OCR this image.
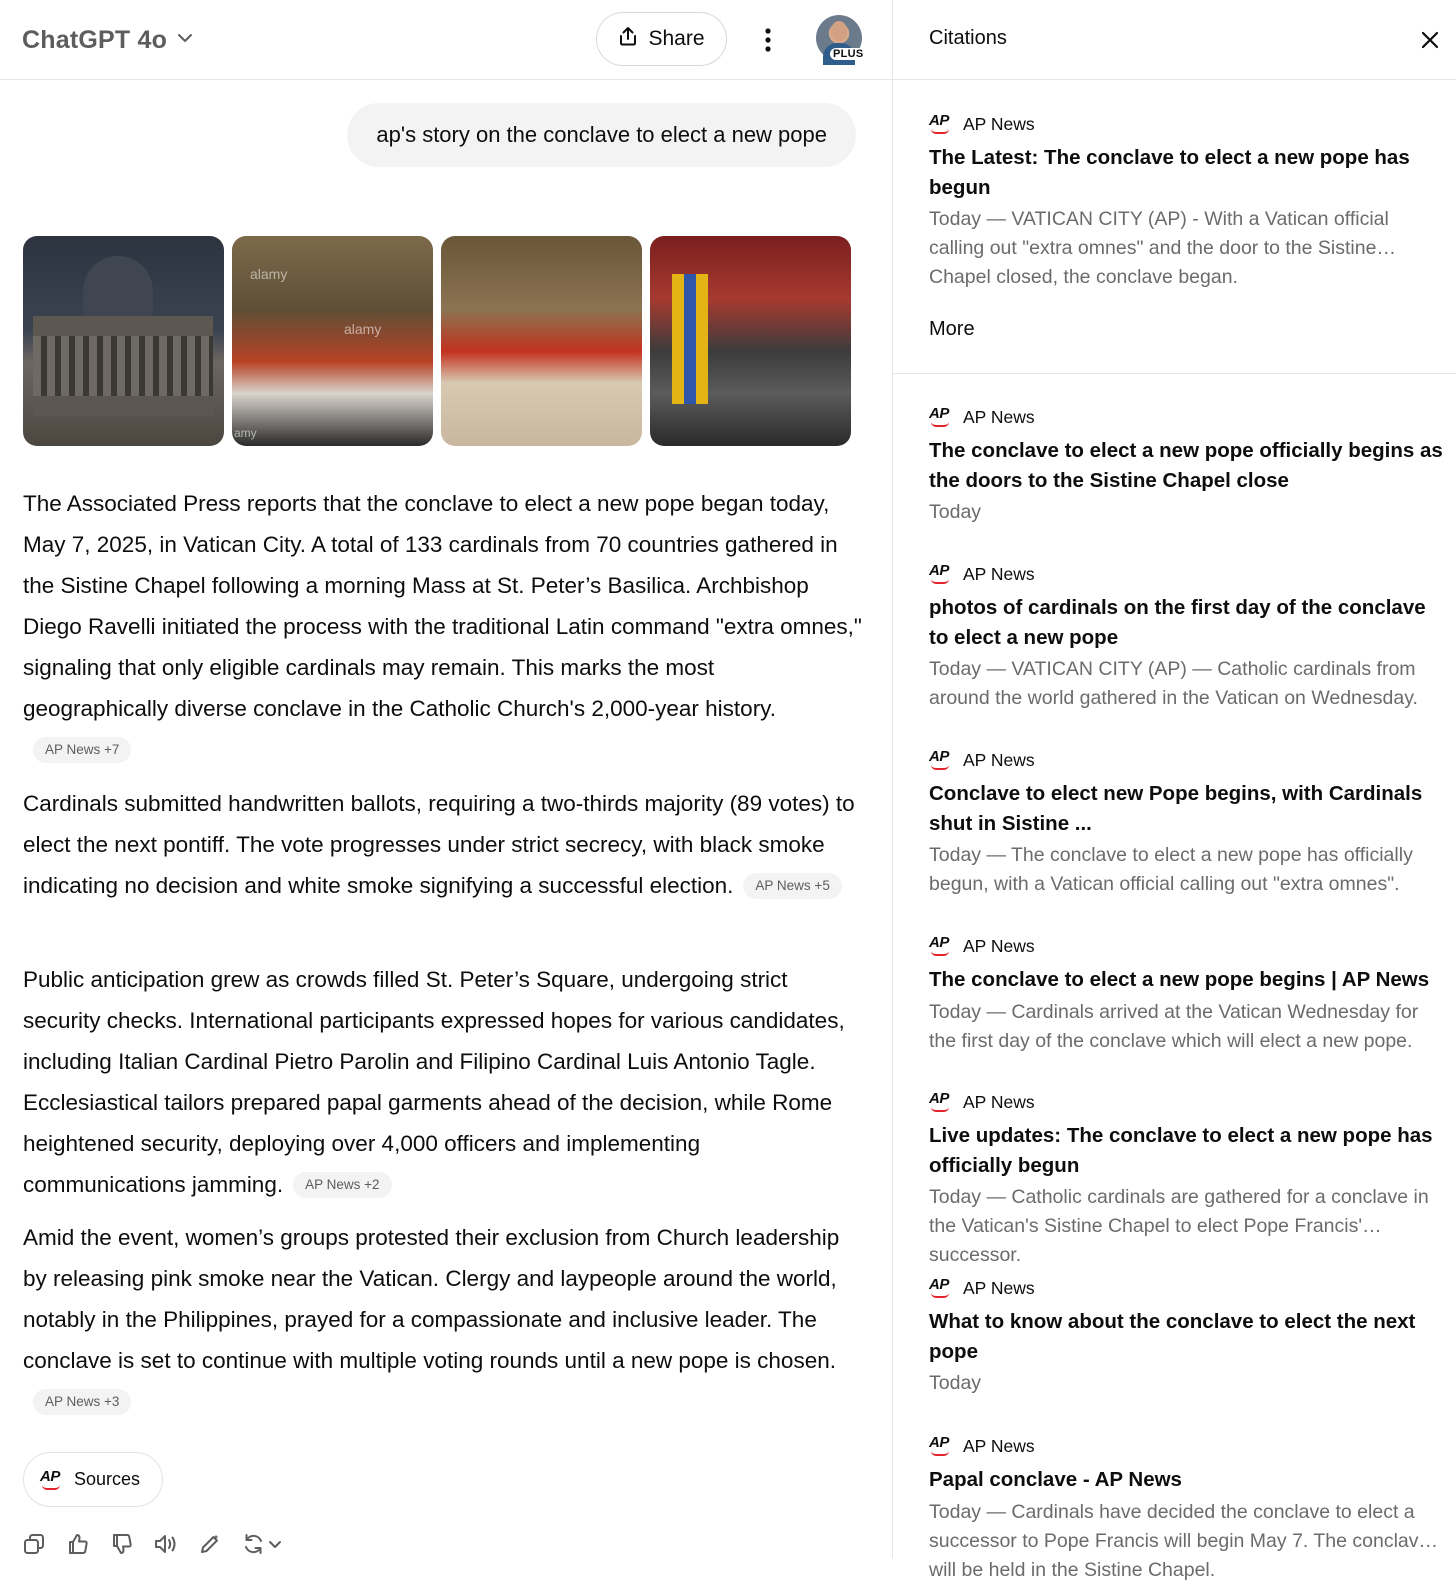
ChatGPT 4o	Share
PLUS
ap's story on the conclave to elect a new pope
alamy
alamy
amy
The Associated Press reports that the conclave to elect a new pope began today, May 7, 2025, in Vatican City. A total of 133 cardinals from 70 countries gathered in the Sistine Chapel following a morning Mass at St. Peter’s Basilica. Archbishop Diego Ravelli initiated the process with the traditional Latin command "extra omnes," signaling that only eligible cardinals may remain. This marks the most geographically diverse conclave in the Catholic Church's 2,000-year history.AP News +7
Cardinals submitted handwritten ballots, requiring a two-thirds majority (89 votes) to elect the next pontiff. The vote progresses under strict secrecy, with black smoke indicating no decision and white smoke signifying a successful election. AP News +5
Public anticipation grew as crowds filled St. Peter’s Square, undergoing strict security checks. International participants expressed hopes for various candidates, including Italian Cardinal Pietro Parolin and Filipino Cardinal Luis Antonio Tagle. Ecclesiastical tailors prepared papal garments ahead of the decision, while Rome heightened security, deploying over 4,000 officers and implementing communications jamming. AP News +2
Amid the event, women’s groups protested their exclusion from Church leadership by releasing pink smoke near the Vatican. Clergy and laypeople around the world, notably in the Philippines, prayed for a compassionate and inclusive leader. The conclave is set to continue with multiple voting rounds until a new pope is chosen.AP News +3
AP Sources
Citations
AP AP News
The Latest: The conclave to elect a new pope has begun
Today — VATICAN CITY (AP) - With a Vatican official calling out "extra omnes" and the door to the Sistine Chapel closed, the conclave began.
More
AP AP News
The conclave to elect a new pope officially begins as the doors to the Sistine Chapel close
Today
AP AP News
photos of cardinals on the first day of the conclave to elect a new pope
Today — VATICAN CITY (AP) — Catholic cardinals from around the world gathered in the Vatican on Wednesday.
AP AP News
Conclave to elect new Pope begins, with Cardinals shut in Sistine ...
Today — The conclave to elect a new pope has officially begun, with a Vatican official calling out "extra omnes".
AP AP News
The conclave to elect a new pope begins | AP News
Today — Cardinals arrived at the Vatican Wednesday for the first day of the conclave which will elect a new pope.
AP AP News
Live updates: The conclave to elect a new pope has officially begun
Today — Catholic cardinals are gathered for a conclave in the Vatican's Sistine Chapel to elect Pope Francis' successor.
AP AP News
What to know about the conclave to elect the next pope
Today
AP AP News
Papal conclave - AP News
Today — Cardinals have decided the conclave to elect a successor to Pope Francis will begin May 7. The conclave will be held in the Sistine Chapel.
